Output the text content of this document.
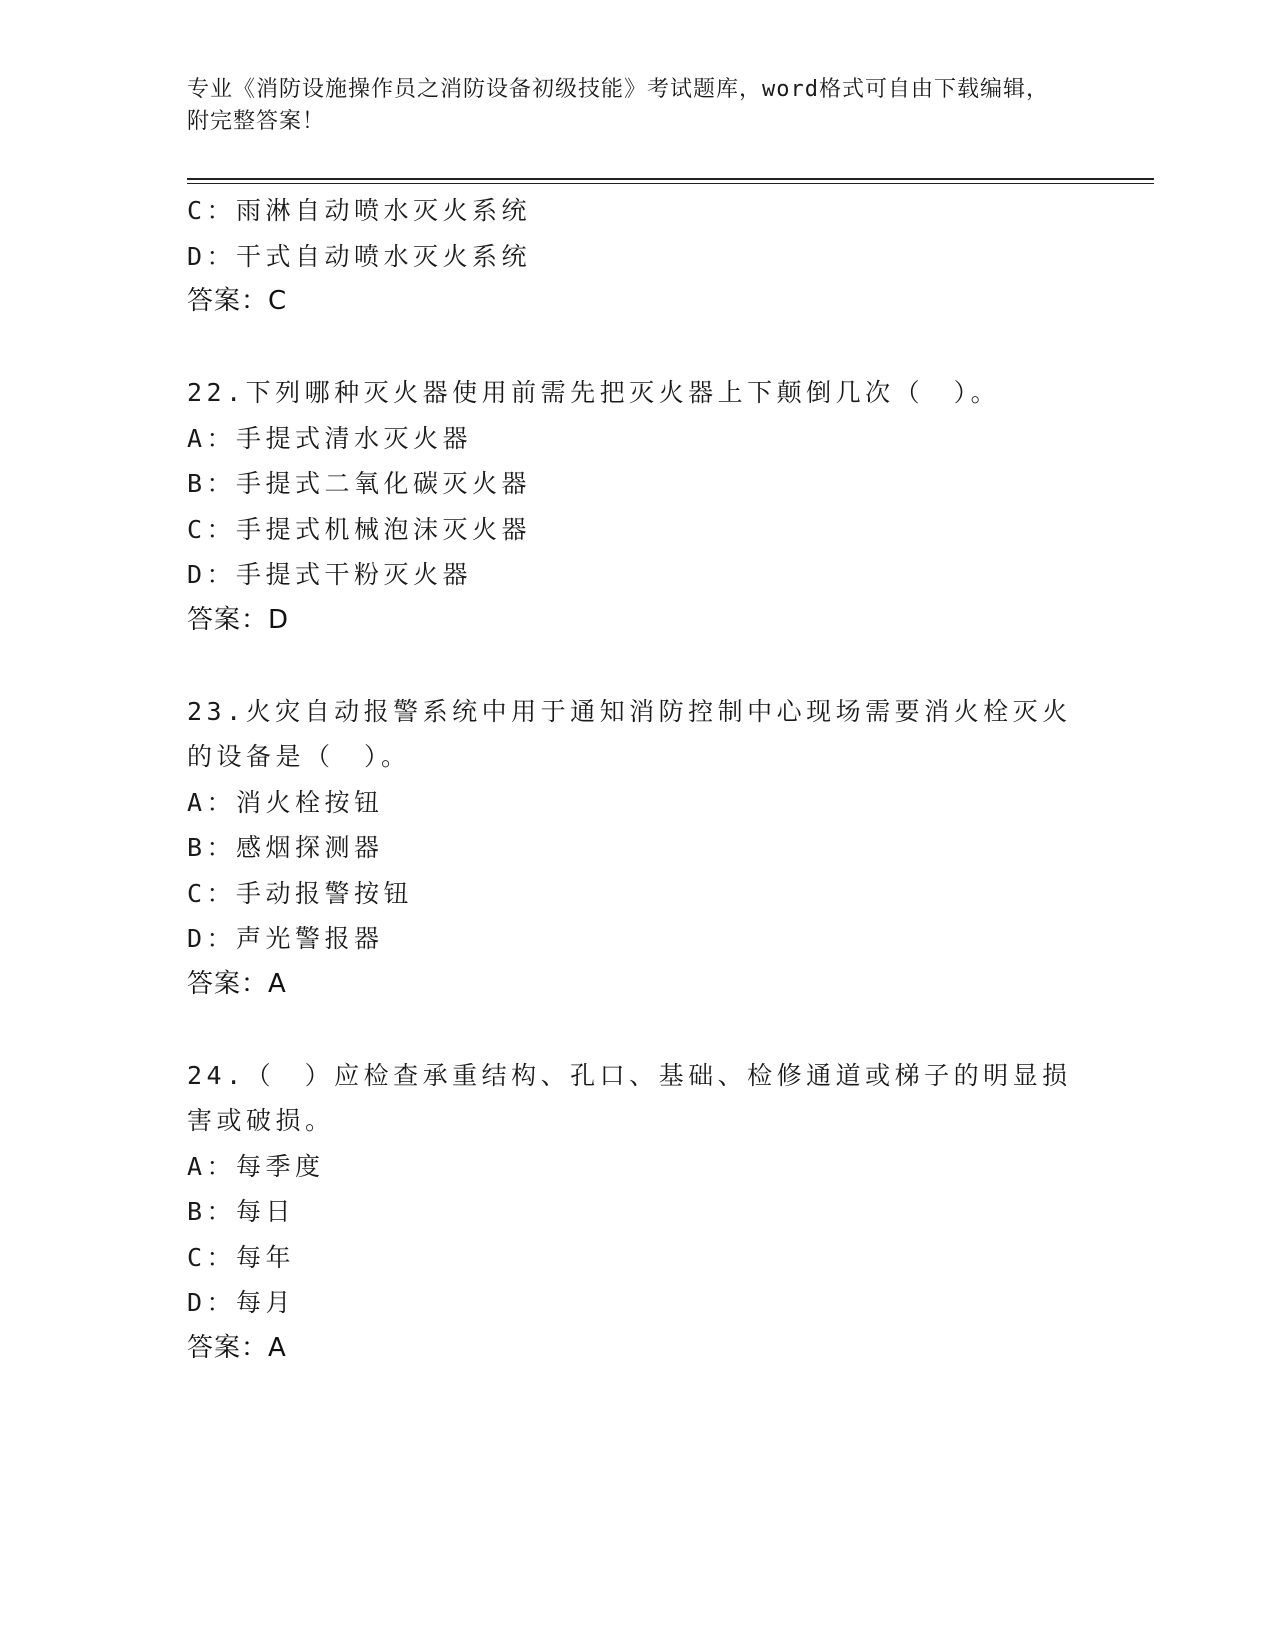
专业《消防设施操作员之消防设备初级技能》考试题库，word格式可自由下载编辑，附完整答案！
C：雨淋自动喷水灭火系统
D：干式自动喷水灭火系统
答案：C
22.下列哪种灭火器使用前需先把灭火器上下颠倒几次（　）。
A：手提式清水灭火器
B：手提式二氧化碳灭火器
C：手提式机械泡沫灭火器
D：手提式干粉灭火器
答案：D
23.火灾自动报警系统中用于通知消防控制中心现场需要消火栓灭火的设备是（　）。
A：消火栓按钮
B：感烟探测器
C：手动报警按钮
D：声光警报器
答案：A
24.（　）应检查承重结构、孔口、基础、检修通道或梯子的明显损害或破损。
A：每季度
B：每日
C：每年
D：每月
答案：A
